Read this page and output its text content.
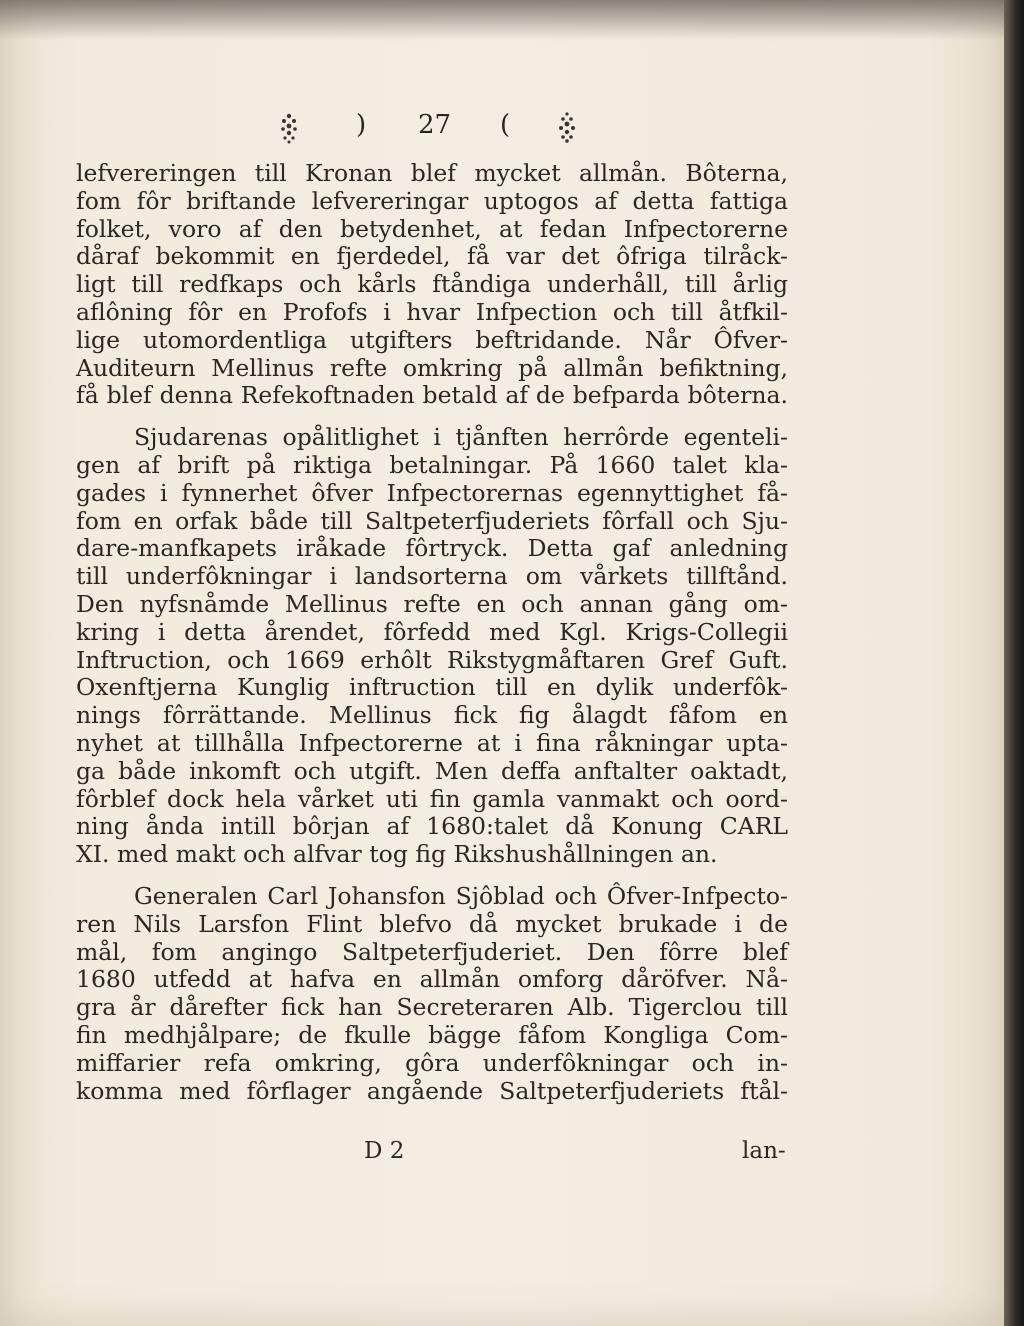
) 27 (
lefvereringen till Kronan blef mycket allmån. Bôterna,
fom fôr briftande lefvereringar uptogos af detta fattiga
folket, voro af den betydenhet, at fedan Infpectorerne
dåraf bekommit en fjerdedel, få var det ôfriga tilråck-
ligt till redfkaps och kårls ftåndiga underhåll, till årlig
aflôning fôr en Profofs i hvar Infpection och till åtfkil-
lige utomordentliga utgifters beftridande. Når Ôfver-
Auditeurn Mellinus refte omkring på allmån befiktning,
få blef denna Refekoftnaden betald af de befparda bôterna.
Sjudarenas opålitlighet i tjånften herrôrde egenteli-
gen af brift på riktiga betalningar. På 1660 talet kla-
gades i fynnerhet ôfver Infpectorernas egennyttighet få-
fom en orfak både till Saltpeterfjuderiets fôrfall och Sju-
dare-manfkapets iråkade fôrtryck. Detta gaf anledning
till underfôkningar i landsorterna om vårkets tillftånd.
Den nyfsnåmde Mellinus refte en och annan gång om-
kring i detta årendet, fôrfedd med Kgl. Krigs-Collegii
Inftruction, och 1669 erhôlt Rikstygmåftaren Gref Guft.
Oxenftjerna Kunglig inftruction till en dylik underfôk-
nings fôrrättande. Mellinus fick fig ålagdt fåfom en
nyhet at tillhålla Infpectorerne at i fina råkningar upta-
ga både inkomft och utgift. Men deffa anftalter oaktadt,
fôrblef dock hela vårket uti fin gamla vanmakt och oord-
ning ånda intill bôrjan af 1680:talet då Konung CARL
XI. med makt och alfvar tog fig Rikshushållningen an.
Generalen Carl Johansfon Sjôblad och Ôfver-Infpecto-
ren Nils Larsfon Flint blefvo då mycket brukade i de
mål, fom angingo Saltpeterfjuderiet. Den fôrre blef
1680 utfedd at hafva en allmån omforg dåröfver. Nå-
gra år dårefter fick han Secreteraren Alb. Tigerclou till
fin medhjålpare; de fkulle bägge fåfom Kongliga Com-
miffarier refa omkring, gôra underfôkningar och in-
komma med fôrflager angående Saltpeterfjuderiets ftål-
D 2	lan-
